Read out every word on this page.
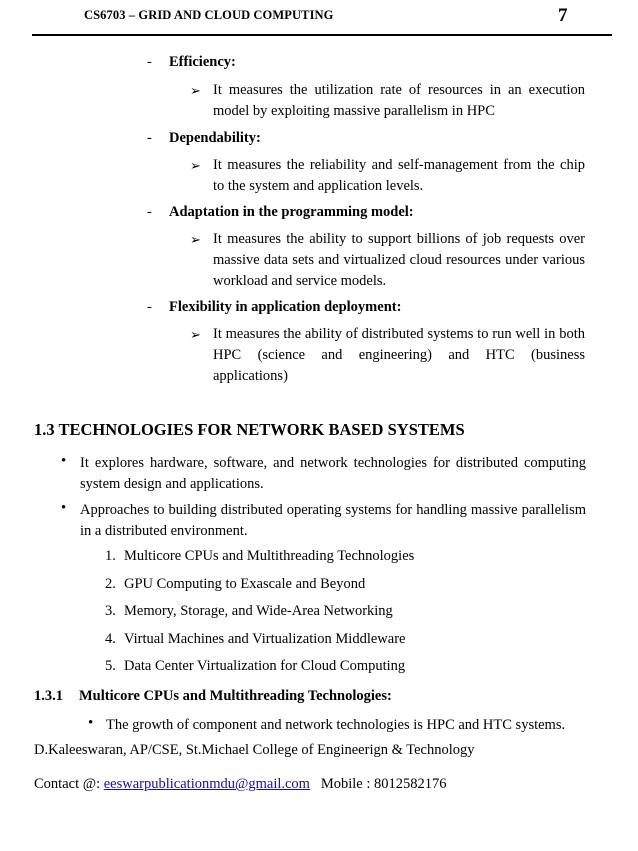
CS6703 – GRID AND CLOUD COMPUTING	7
- Efficiency:
➢ It measures the utilization rate of resources in an execution model by exploiting massive parallelism in HPC
- Dependability:
➢ It measures the reliability and self-management from the chip to the system and application levels.
- Adaptation in the programming model:
➢ It measures the ability to support billions of job requests over massive data sets and virtualized cloud resources under various workload and service models.
- Flexibility in application deployment:
➢ It measures the ability of distributed systems to run well in both HPC (science and engineering) and HTC (business applications)
1.3 TECHNOLOGIES FOR NETWORK BASED SYSTEMS
• It explores hardware, software, and network technologies for distributed computing system design and applications.
• Approaches to building distributed operating systems for handling massive parallelism in a distributed environment.
1. Multicore CPUs and Multithreading Technologies
2. GPU Computing to Exascale and Beyond
3. Memory, Storage, and Wide-Area Networking
4. Virtual Machines and Virtualization Middleware
5. Data Center Virtualization for Cloud Computing
1.3.1 Multicore CPUs and Multithreading Technologies:
• The growth of component and network technologies is HPC and HTC systems.
D.Kaleeswaran, AP/CSE, St.Michael College of Engineerign & Technology
Contact @: eeswarpublicationmdu@gmail.com Mobile : 8012582176
